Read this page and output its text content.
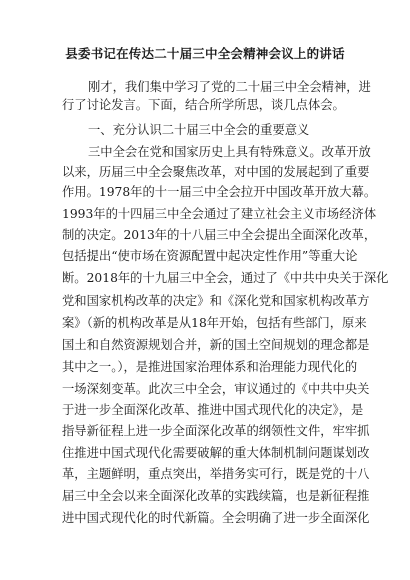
县委书记在传达二十届三中全会精神会议上的讲话
刚才，我们集中学习了党的二十届三中全会精神，进
行了讨论发言。下面，结合所学所思，谈几点体会。
一、充分认识二十届三中全会的重要意义
三中全会在党和国家历史上具有特殊意义。改革开放
以来，历届三中全会聚焦改革，对中国的发展起到了重要
作用。1978年的十一届三中全会拉开中国改革开放大幕。
1993年的十四届三中全会通过了建立社会主义市场经济体
制的决定。2013年的十八届三中全会提出全面深化改革，
包括提出“使市场在资源配置中起决定性作用”等重大论
断。2018年的十九届三中全会，通过了《中共中央关于深化
党和国家机构改革的决定》和《深化党和国家机构改革方
案》（新的机构改革是从18年开始，包括有些部门，原来
国土和自然资源规划合并，新的国土空间规划的理念都是
其中之一。），是推进国家治理体系和治理能力现代化的
一场深刻变革。此次三中全会，审议通过的《中共中央关
于进一步全面深化改革、推进中国式现代化的决定》，是
指导新征程上进一步全面深化改革的纲领性文件，牢牢抓
住推进中国式现代化需要破解的重大体制机制问题谋划改
革，主题鲜明，重点突出，举措务实可行，既是党的十八
届三中全会以来全面深化改革的实践续篇，也是新征程推
进中国式现代化的时代新篇。全会明确了进一步全面深化
